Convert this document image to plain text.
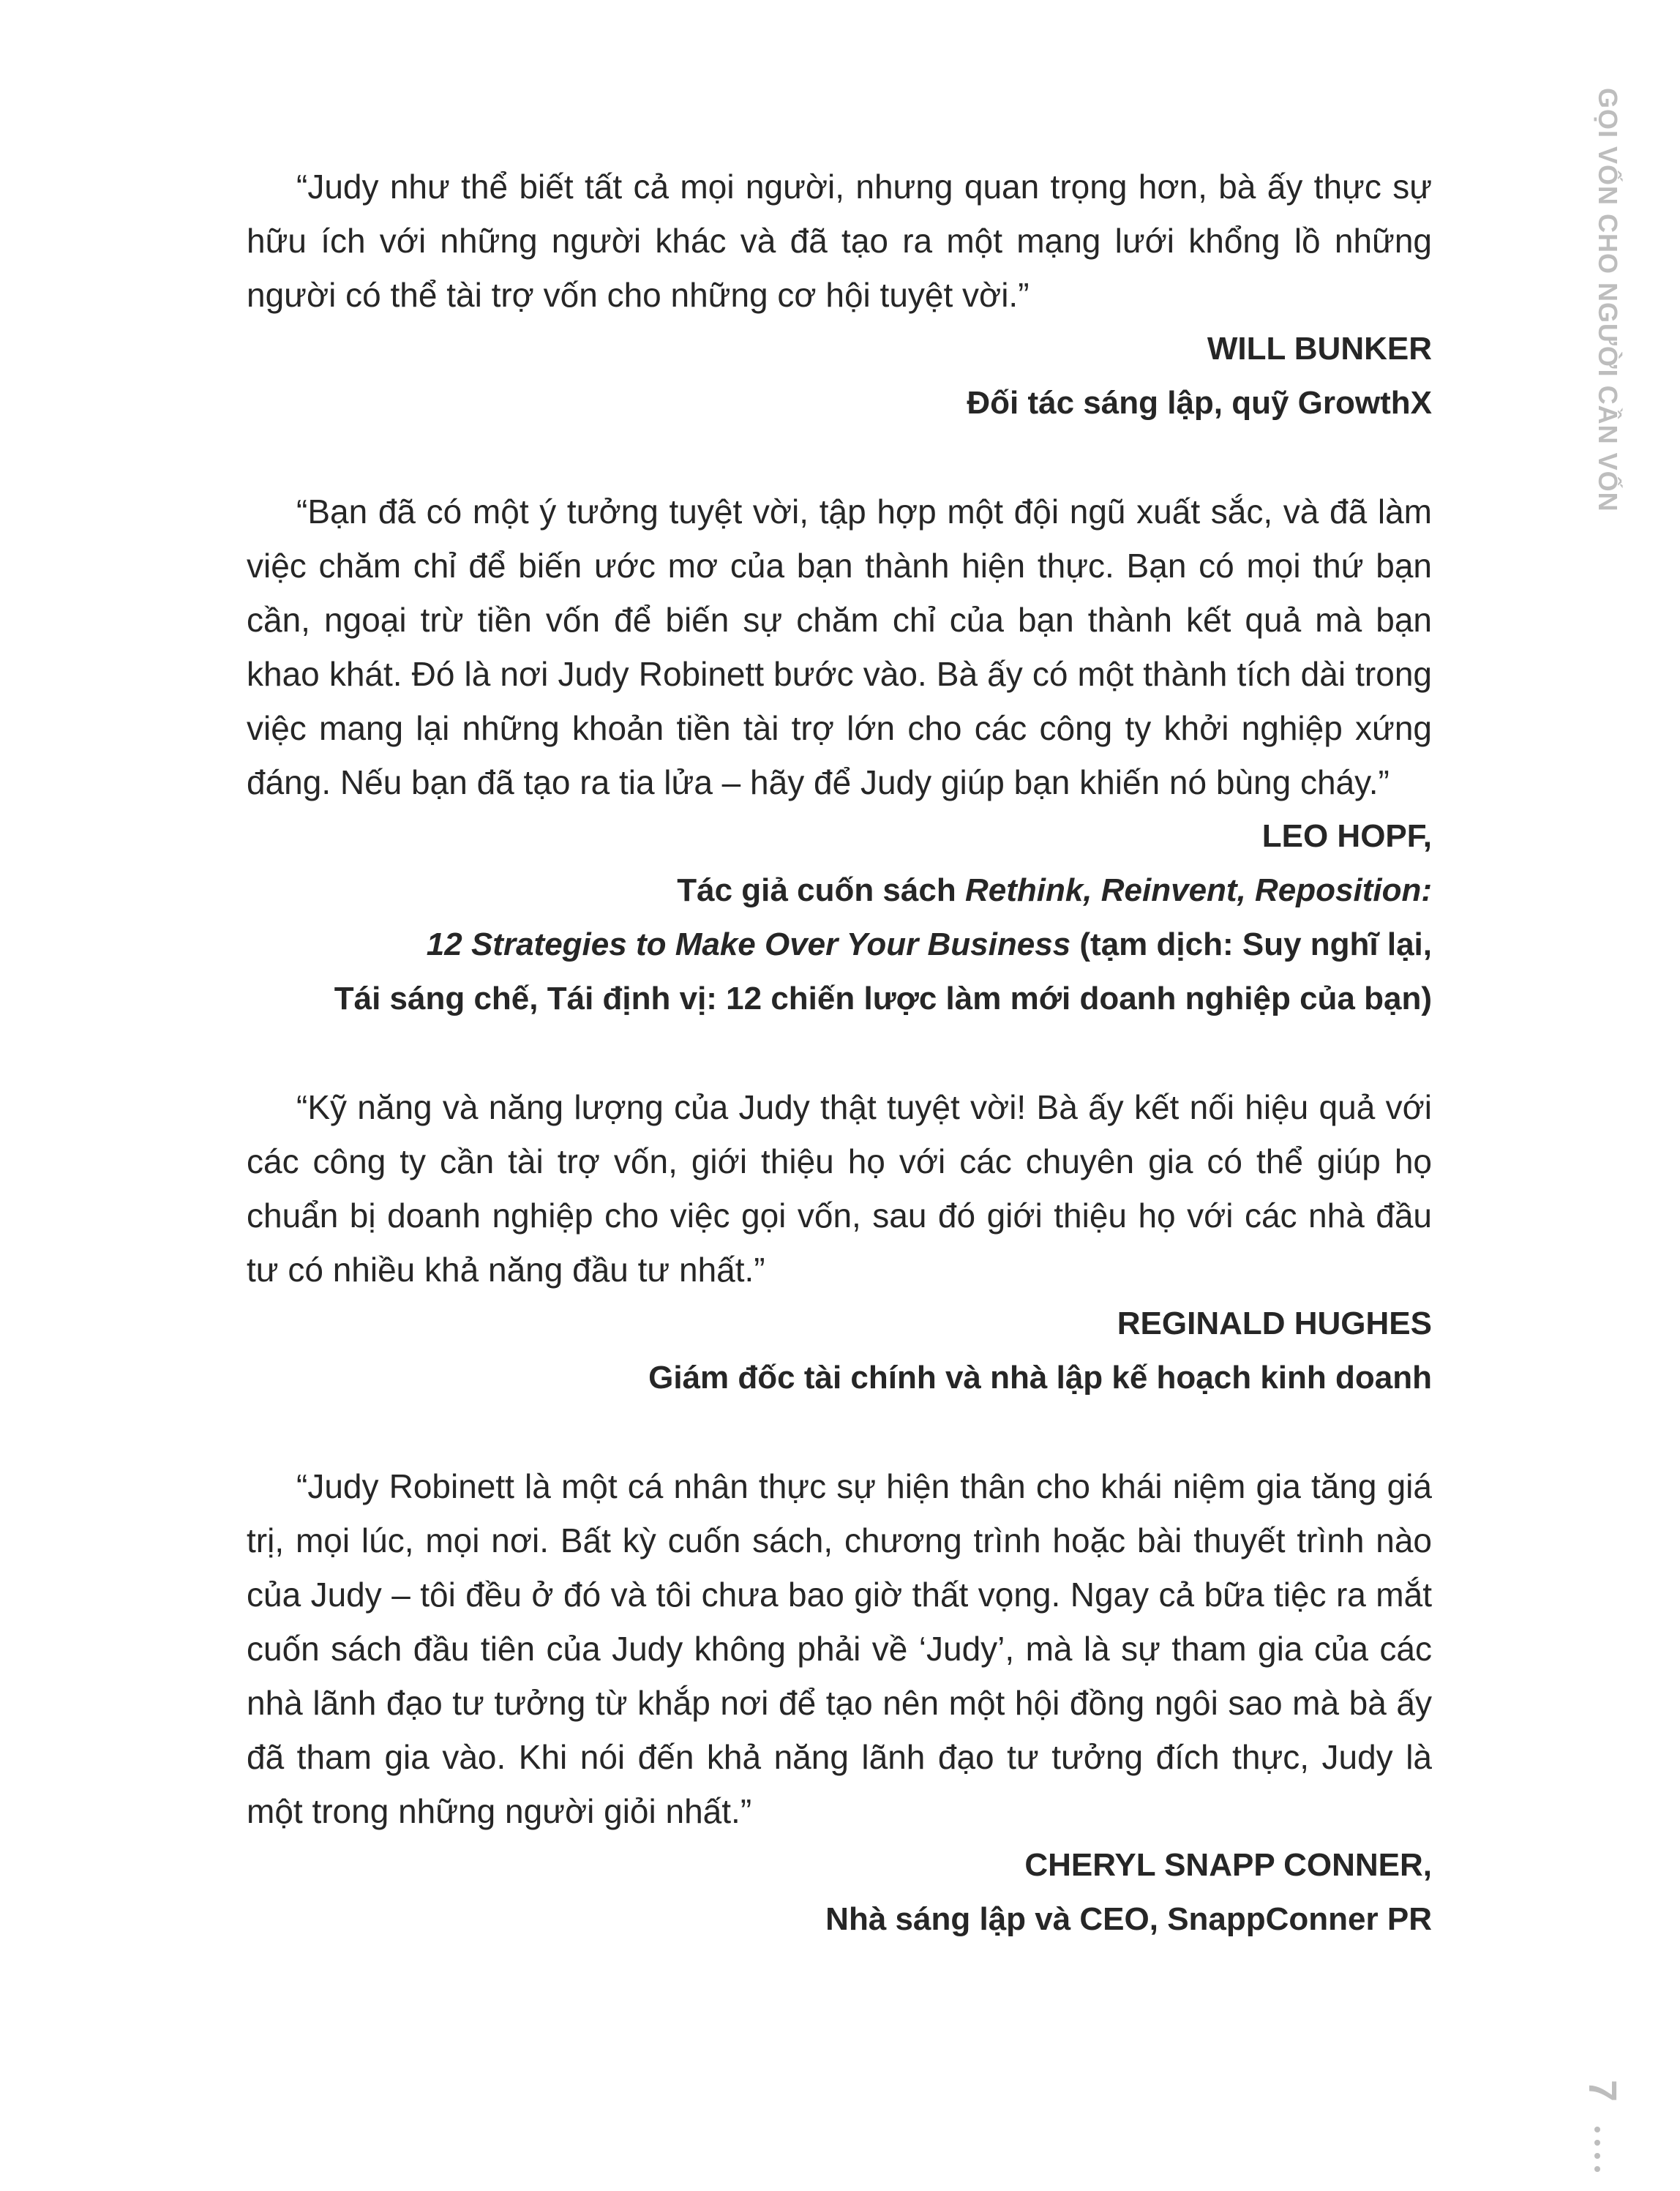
“Judy như thể biết tất cả mọi người, nhưng quan trọng hơn, bà ấy thực sự hữu ích với những người khác và đã tạo ra một mạng lưới khổng lồ những người có thể tài trợ vốn cho những cơ hội tuyệt vời.”

WILL BUNKER
Đối tác sáng lập, quỹ GrowthX

“Bạn đã có một ý tưởng tuyệt vời, tập hợp một đội ngũ xuất sắc, và đã làm việc chăm chỉ để biến ước mơ của bạn thành hiện thực. Bạn có mọi thứ bạn cần, ngoại trừ tiền vốn để biến sự chăm chỉ của bạn thành kết quả mà bạn khao khát. Đó là nơi Judy Robinett bước vào. Bà ấy có một thành tích dài trong việc mang lại những khoản tiền tài trợ lớn cho các công ty khởi nghiệp xứng đáng. Nếu bạn đã tạo ra tia lửa – hãy để Judy giúp bạn khiến nó bùng cháy.”

LEO HOPF,
Tác giả cuốn sách Rethink, Reinvent, Reposition:
12 Strategies to Make Over Your Business (tạm dịch: Suy nghĩ lại,
Tái sáng chế, Tái định vị: 12 chiến lược làm mới doanh nghiệp của bạn)

“Kỹ năng và năng lượng của Judy thật tuyệt vời! Bà ấy kết nối hiệu quả với các công ty cần tài trợ vốn, giới thiệu họ với các chuyên gia có thể giúp họ chuẩn bị doanh nghiệp cho việc gọi vốn, sau đó giới thiệu họ với các nhà đầu tư có nhiều khả năng đầu tư nhất.”

REGINALD HUGHES
Giám đốc tài chính và nhà lập kế hoạch kinh doanh

“Judy Robinett là một cá nhân thực sự hiện thân cho khái niệm gia tăng giá trị, mọi lúc, mọi nơi. Bất kỳ cuốn sách, chương trình hoặc bài thuyết trình nào của Judy – tôi đều ở đó và tôi chưa bao giờ thất vọng. Ngay cả bữa tiệc ra mắt cuốn sách đầu tiên của Judy không phải về ‘Judy’, mà là sự tham gia của các nhà lãnh đạo tư tưởng từ khắp nơi để tạo nên một hội đồng ngôi sao mà bà ấy đã tham gia vào. Khi nói đến khả năng lãnh đạo tư tưởng đích thực, Judy là một trong những người giỏi nhất.”

CHERYL SNAPP CONNER,
Nhà sáng lập và CEO, SnappConner PR
GỌI VỐN CHO NGƯỜI CẦN VỐN
7
